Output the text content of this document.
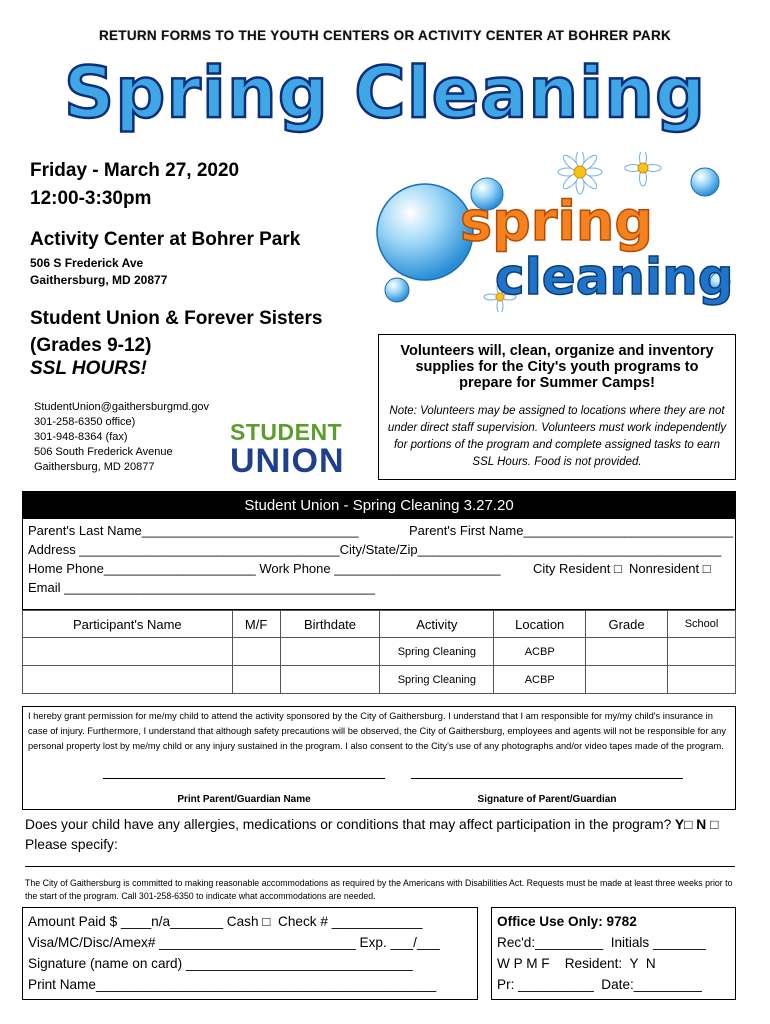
RETURN FORMS TO THE YOUTH CENTERS OR ACTIVITY CENTER AT BOHRER PARK
Spring Cleaning
Friday - March 27, 2020
12:00-3:30pm
Activity Center at Bohrer Park
506 S Frederick Ave
Gaithersburg, MD 20877
Student Union & Forever Sisters
(Grades 9-12)
SSL HOURS!
StudentUnion@gaithersburgmd.gov
301-258-6350 office)
301-948-8364 (fax)
506 South Frederick Avenue
Gaithersburg, MD 20877
STUDENT
UNION
spring
cleaning
Volunteers will, clean, organize and inventory supplies for the City's youth programs to prepare for Summer Camps!
Note: Volunteers may be assigned to locations where they are not under direct staff supervision. Volunteers must work independently for portions of the program and complete assigned tasks to earn SSL Hours. Food is not provided.
Student Union - Spring Cleaning 3.27.20
Parent's Last Name______________________________	Parent's First Name_____________________________
Address ____________________________________City/State/Zip__________________________________________
Home Phone_____________________ Work Phone _______________________ City Resident □  Nonresident □
Email ___________________________________________
Participant's Name	M/F	Birthdate	Activity	Location	Grade	School
			Spring Cleaning	ACBP		
			Spring Cleaning	ACBP		
I hereby grant permission for me/my child to attend the activity sponsored by the City of Gaithersburg. I understand that I am responsible for my/my child's insurance in case of injury. Furthermore, I understand that although safety precautions will be observed, the City of Gaithersburg, employees and agents will not be responsible for any personal property lost by me/my child or any injury sustained in the program. I also consent to the City's use of any photographs and/or video tapes made of the program.
Print Parent/Guardian Name	Signature of Parent/Guardian
Does your child have any allergies, medications or conditions that may affect participation in the program? Y□ N □
Please specify:
The City of Gaithersburg is committed to making reasonable accommodations as required by the Americans with Disabilities Act. Requests must be made at least three weeks prior to the start of the program. Call 301-258-6350 to indicate what accommodations are needed.
Amount Paid $ ____n/a_______ Cash □  Check # ____________
Visa/MC/Disc/Amex# __________________________ Exp. ___/___
Signature (name on card) ______________________________
Print Name_____________________________________________
Office Use Only: 9782
Rec'd:_________  Initials _______
W P M F    Resident:  Y  N
Pr: __________  Date:_________
